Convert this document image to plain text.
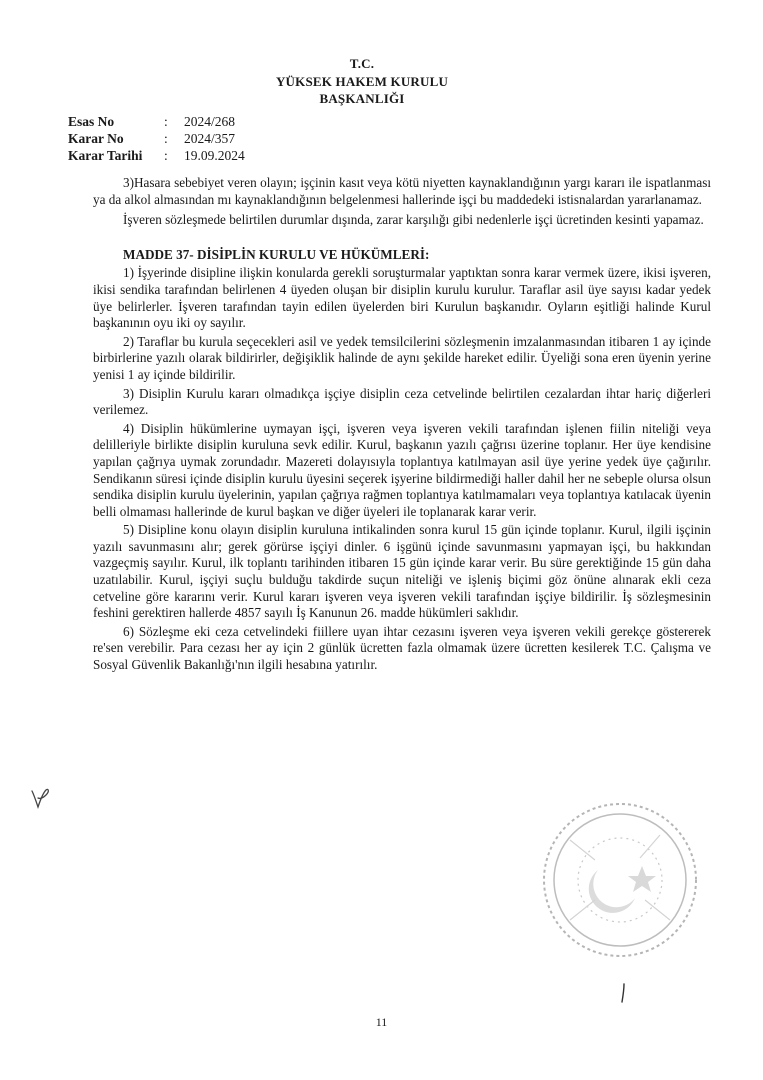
T.C.
YÜKSEK HAKEM KURULU
BAŞKANLIĞI
Esas No	: 2024/268
Karar No	: 2024/357
Karar Tarihi : 19.09.2024

3)Hasara sebebiyet veren olayın; işçinin kasıt veya kötü niyetten kaynaklandığının yargı kararı ile ispatlanması ya da alkol almasından mı kaynaklandığının belgelenmesi hallerinde işçi bu maddedeki istisnalardan yararlanamaz.

İşveren sözleşmede belirtilen durumlar dışında, zarar karşılığı gibi nedenlerle işçi ücretinden kesinti yapamaz.

MADDE 37- DİSİPLİN KURULU VE HÜKÜMLERİ:

1) İşyerinde disipline ilişkin konularda gerekli soruşturmalar yaptıktan sonra karar vermek üzere, ikisi işveren, ikisi sendika tarafından belirlenen 4 üyeden oluşan bir disiplin kurulu kurulur. Taraflar asil üye sayısı kadar yedek üye belirlerler. İşveren tarafından tayin edilen üyelerden biri Kurulun başkanıdır. Oyların eşitliği halinde Kurul başkanının oyu iki oy sayılır.

2) Taraflar bu kurula seçecekleri asil ve yedek temsilcilerini sözleşmenin imzalanmasından itibaren 1 ay içinde birbirlerine yazılı olarak bildirirler, değişiklik halinde de aynı şekilde hareket edilir. Üyeliği sona eren üyenin yerine yenisi 1 ay içinde bildirilir.

3) Disiplin Kurulu kararı olmadıkça işçiye disiplin ceza cetvelinde belirtilen cezalardan ihtar hariç diğerleri verilemez.

4) Disiplin hükümlerine uymayan işçi, işveren veya işveren vekili tarafından işlenen fiilin niteliği veya delilleriyle birlikte disiplin kuruluna sevk edilir. Kurul, başkanın yazılı çağrısı üzerine toplanır. Her üye kendisine yapılan çağrıya uymak zorundadır. Mazereti dolayısıyla toplantıya katılmayan asil üye yerine yedek üye çağırılır. Sendikanın süresi içinde disiplin kurulu üyesini seçerek işyerine bildirmediği haller dahil her ne sebeple olursa olsun sendika disiplin kurulu üyelerinin, yapılan çağrıya rağmen toplantıya katılmamaları veya toplantıya katılacak üyenin belli olmaması hallerinde de kurul başkan ve diğer üyeleri ile toplanarak karar verir.

5) Disipline konu olayın disiplin kuruluna intikalinden sonra kurul 15 gün içinde toplanır. Kurul, ilgili işçinin yazılı savunmasını alır; gerek görürse işçiyi dinler. 6 işgünü içinde savunmasını yapmayan işçi, bu hakkından vazgeçmiş sayılır. Kurul, ilk toplantı tarihinden itibaren 15 gün içinde karar verir. Bu süre gerektiğinde 15 gün daha uzatılabilir. Kurul, işçiyi suçlu bulduğu takdirde suçun niteliği ve işleniş biçimi göz önüne alınarak ekli ceza cetveline göre kararını verir. Kurul kararı işveren veya işveren vekili tarafından işçiye bildirilir. İş sözleşmesinin feshini gerektiren hallerde 4857 sayılı İş Kanunun 26. madde hükümleri saklıdır.

6) Sözleşme eki ceza cetvelindeki fiillere uyan ihtar cezasını işveren veya işveren vekili gerekçe göstererek re'sen verebilir. Para cezası her ay için 2 günlük ücretten fazla olmamak üzere ücretten kesilerek T.C. Çalışma ve Sosyal Güvenlik Bakanlığı'nın ilgili hesabına yatırılır.

11
